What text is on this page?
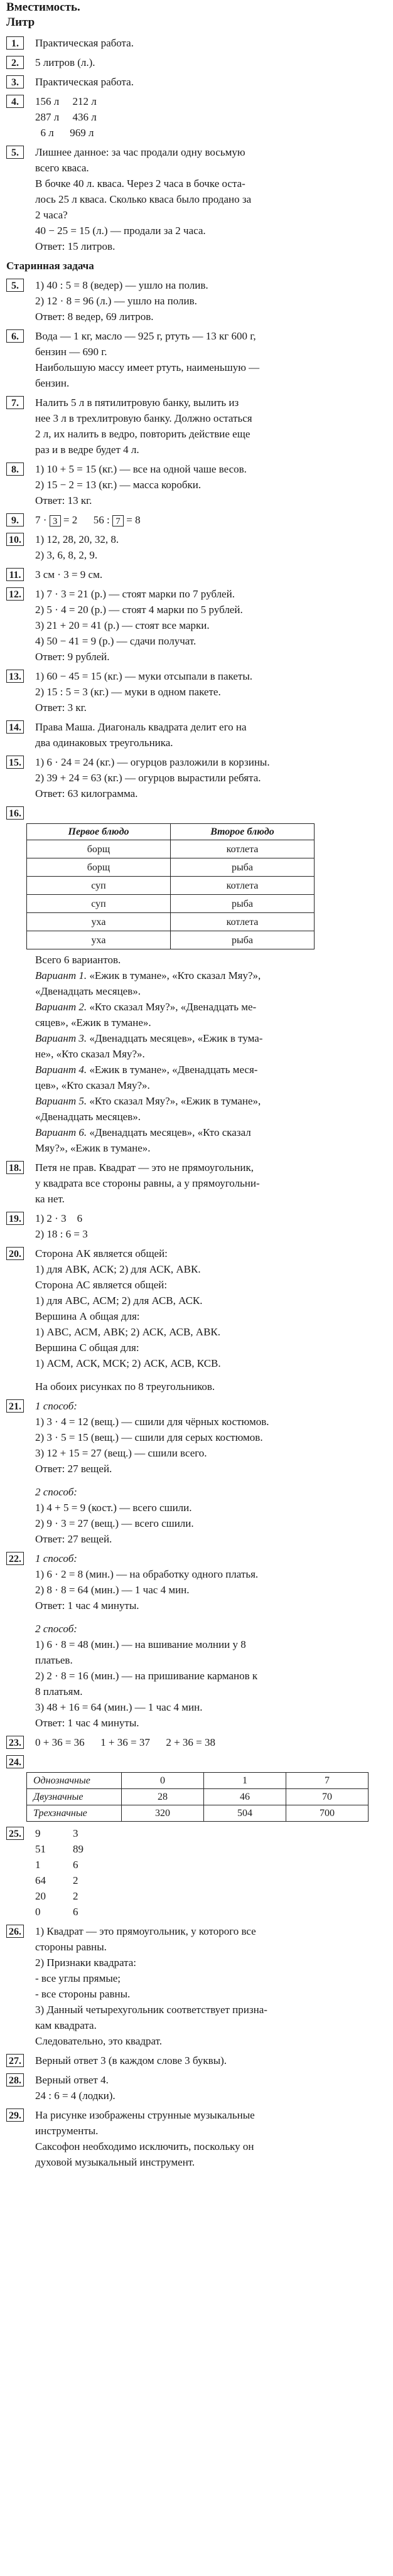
Вместимость.
Литр
1.	Практическая работа.
2.	5 литров (л.).
3.	Практическая работа.
4.	156 л     212 л
287 л     436 л
6 л      969 л
5.	Лишнее данное: за час продали одну восьмую
всего кваса.
В бочке 40 л. кваса. Через 2 часа в бочке оста-
лось 25 л кваса. Сколько кваса было продано за
2 часа?
40 − 25 = 15 (л.) — продали за 2 часа.
Ответ: 15 литров.
Старинная задача
5.	1) 40 : 5 = 8 (ведер) — ушло на полив.
2) 12 · 8 = 96 (л.) — ушло на полив.
Ответ: 8 ведер, 69 литров.
6.	Вода — 1 кг, масло — 925 г, ртуть — 13 кг 600 г,
бензин — 690 г.
Наибольшую массу имеет ртуть, наименьшую —
бензин.
7.	Налить 5 л в пятилитровую банку, вылить из
нее 3 л в трехлитровую банку. Должно остаться
2 л, их налить в ведро, повторить действие еще
раз и в ведре будет 4 л.
8.	1) 10 + 5 = 15 (кг.) — все на одной чаше весов.
2) 15 − 2 = 13 (кг.) — масса коробки.
Ответ: 13 кг.
9.	7 · 3 = 2      56 : 7 = 8
10. 1) 12, 28, 20, 32, 8.
2) 3, 6, 8, 2, 9.
11. 3 см · 3 = 9 см.
12. 1) 7 · 3 = 21 (р.) — стоят марки по 7 рублей.
2) 5 · 4 = 20 (р.) — стоят 4 марки по 5 рублей.
3) 21 + 20 = 41 (р.) — стоят все марки.
4) 50 − 41 = 9 (р.) — сдачи получат.
Ответ: 9 рублей.
13. 1) 60 − 45 = 15 (кг.) — муки отсыпали в пакеты.
2) 15 : 5 = 3 (кг.) — муки в одном пакете.
Ответ: 3 кг.
14. Права Маша. Диагональ квадрата делит его на
два одинаковых треугольника.
15. 1) 6 · 24 = 24 (кг.) — огурцов разложили в корзины.
2) 39 + 24 = 63 (кг.) — огурцов вырастили ребята.
Ответ: 63 килограмма.
16.

Первое блюдо	Второе блюдо
борщ	котлета
борщ	рыба
суп	котлета
суп	рыба
уха	котлета
уха	рыба
Всего 6 вариантов.
Вариант 1. «Ежик в тумане», «Кто сказал Мяу?»,
«Двенадцать месяцев».
Вариант 2. «Кто сказал Мяу?», «Двенадцать ме-
сяцев», «Ежик в тумане».
Вариант 3. «Двенадцать месяцев», «Ежик в тума-
не», «Кто сказал Мяу?».
Вариант 4. «Ежик в тумане», «Двенадцать меся-
цев», «Кто сказал Мяу?».
Вариант 5. «Кто сказал Мяу?», «Ежик в тумане»,
«Двенадцать месяцев».
Вариант 6. «Двенадцать месяцев», «Кто сказал
Мяу?», «Ежик в тумане».
18. Петя не прав. Квадрат — это не прямоугольник,
у квадрата все стороны равны, а у прямоугольни-
ка нет.
19. 1) 2 · 3    6
2) 18 : 6 = 3
20. Сторона АК является общей:
1) для АВК, АСК; 2) для АСК, АВК.
Сторона АС является общей:
1) для АВС, АСМ; 2) для АСВ, АСК.
Вершина А общая для:
1) АВС, АСМ, АВК; 2) АСК, АСВ, АВК.
Вершина С общая для:
1) АСМ, АСК, МСК; 2) АСК, АСВ, КСВ.
На обоих рисунках по 8 треугольников.
21. 1 способ:
1) 3 · 4 = 12 (вещ.) — сшили для чёрных костюмов.
2) 3 · 5 = 15 (вещ.) — сшили для серых костюмов.
3) 12 + 15 = 27 (вещ.) — сшили всего.
Ответ: 27 вещей.
2 способ:
1) 4 + 5 = 9 (кост.) — всего сшили.
2) 9 · 3 = 27 (вещ.) — всего сшили.
Ответ: 27 вещей.
22. 1 способ:
1) 6 · 2 = 8 (мин.) — на обработку одного платья.
2) 8 · 8 = 64 (мин.) — 1 час 4 мин.
Ответ: 1 час 4 минуты.
2 способ:
1) 6 · 8 = 48 (мин.) — на вшивание молнии у 8
платьев.
2) 2 · 8 = 16 (мин.) — на пришивание карманов к
8 платьям.
3) 48 + 16 = 64 (мин.) — 1 час 4 мин.
Ответ: 1 час 4 минуты.
23. 0 + 36 = 36      1 + 36 = 37      2 + 36 = 38
24.

Однозначные	0	1	7
Двузначные	28	46	70
Трехзначные	320	504	700
25. 9	3
51	89
1	6
64	2
20	2
0	6
26. 1) Квадрат — это прямоугольник, у которого все
стороны равны.
2) Признаки квадрата:
- все углы прямые;
- все стороны равны.
3) Данный четырехугольник соответствует призна-
кам квадрата.
Следовательно, это квадрат.
27. Верный ответ 3 (в каждом слове 3 буквы).
28. Верный ответ 4.
24 : 6 = 4 (лодки).
29. На рисунке изображены струнные музыкальные
инструменты.
Саксофон необходимо исключить, поскольку он
духовой музыкальный инструмент.
